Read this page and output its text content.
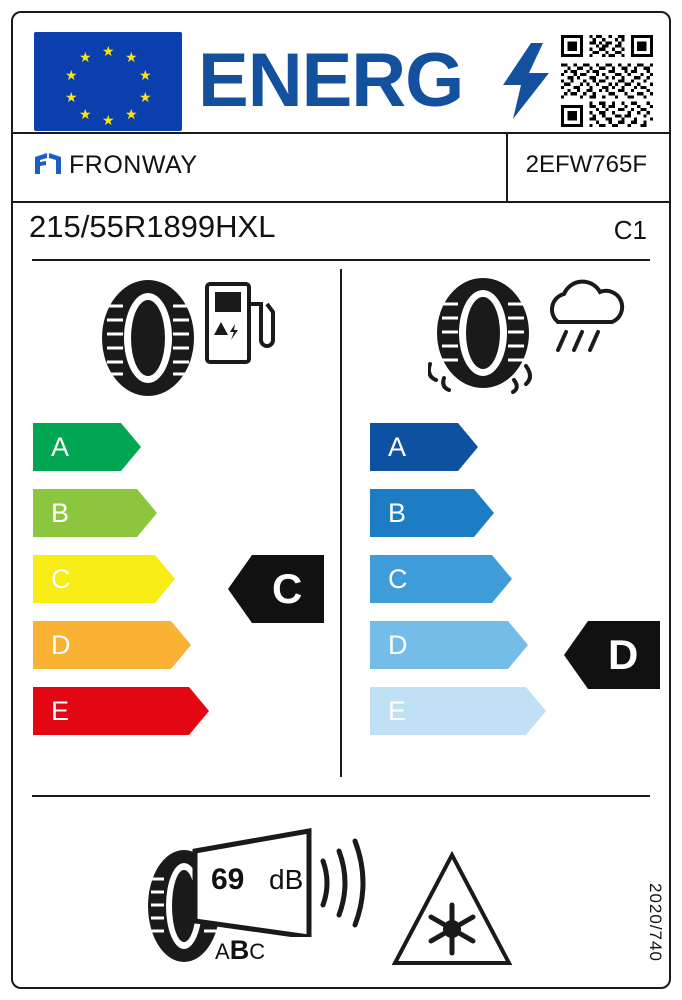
★ ★
★
★
★
★
★
★
★
★ ENERG
FRONWAY	2EFW765F
215/55R1899HXL	C1
A
B
C
D
E
C
A
B
C
D
E
D
69 dB
ABC	2020/740
